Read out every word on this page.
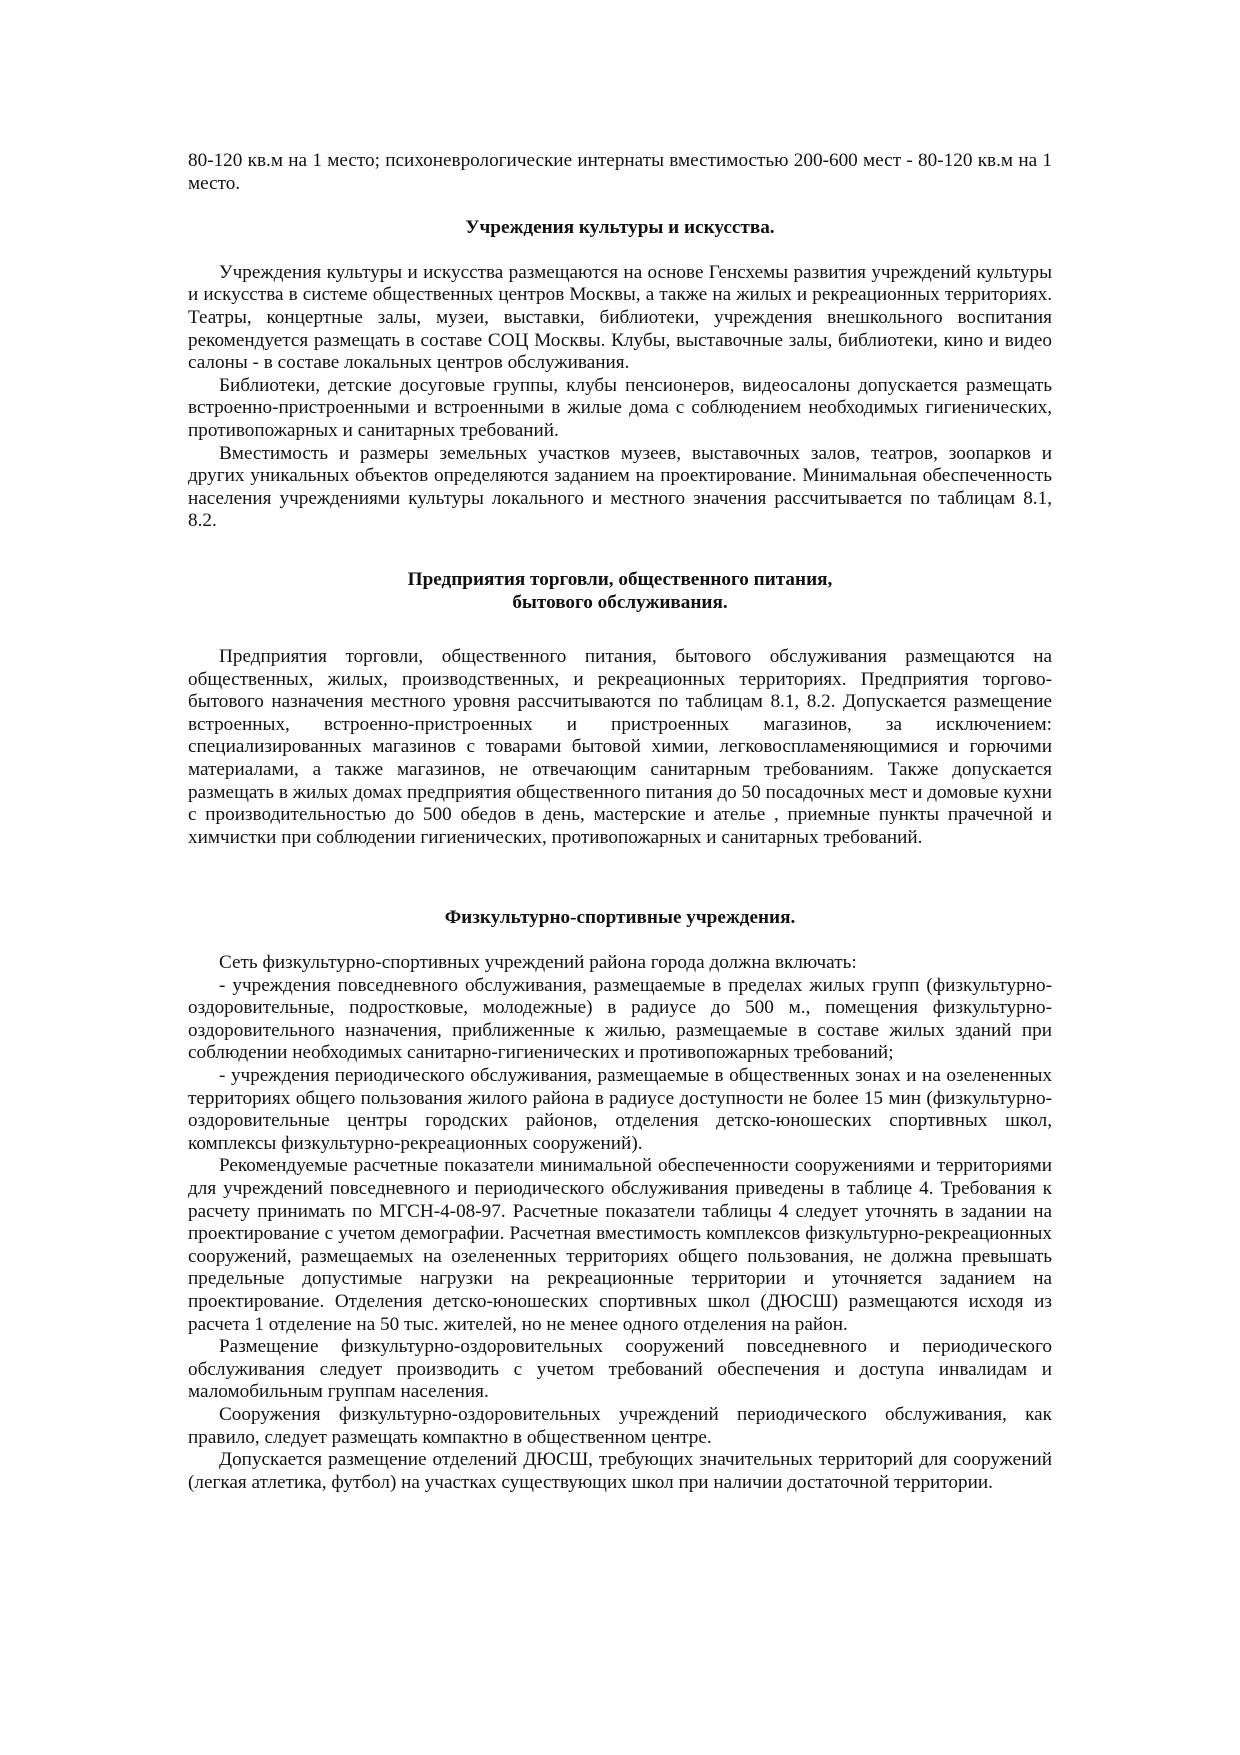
80-120 кв.м на 1 место; психоневрологические интернаты вместимостью 200-600 мест - 80-120 кв.м на 1 место.

Учреждения культуры и искусства.

Учреждения культуры и искусства размещаются на основе Генсхемы развития учреждений культуры и искусства в системе общественных центров Москвы, а также на жилых и рекреационных территориях. Театры, концертные залы, музеи, выставки, библиотеки, учреждения внешкольного воспитания рекомендуется размещать в составе СОЦ Москвы. Клубы, выставочные залы, библиотеки, кино и видео салоны - в составе локальных центров обслуживания.

Библиотеки, детские досуговые группы, клубы пенсионеров, видеосалоны допускается размещать встроенно-пристроенными и встроенными в жилые дома с соблюдением необходимых гигиенических, противопожарных и санитарных требований.

Вместимость и размеры земельных участков музеев, выставочных залов, театров, зоопарков и других уникальных объектов определяются заданием на проектирование. Минимальная обеспеченность населения учреждениями культуры локального и местного значения рассчитывается по таблицам 8.1, 8.2.

Предприятия торговли, общественного питания,
бытового обслуживания.

Предприятия торговли, общественного питания, бытового обслуживания размещаются на общественных, жилых, производственных, и рекреационных территориях. Предприятия торгово-бытового назначения местного уровня рассчитываются по таблицам 8.1, 8.2. Допускается размещение встроенных, встроенно-пристроенных и пристроенных магазинов, за исключением: специализированных магазинов с товарами бытовой химии, легковоспламеняющимися и горючими материалами, а также магазинов, не отвечающим санитарным требованиям. Также допускается размещать в жилых домах предприятия общественного питания до 50 посадочных мест и домовые кухни с производительностью до 500 обедов в день, мастерские и ателье , приемные пункты прачечной и химчистки при соблюдении гигиенических, противопожарных и санитарных требований.

Физкультурно-спортивные учреждения.

Сеть физкультурно-спортивных учреждений района города должна включать:

- учреждения повседневного обслуживания, размещаемые в пределах жилых групп (физкультурно-оздоровительные, подростковые, молодежные) в радиусе до 500 м., помещения физкультурно-оздоровительного назначения, приближенные к жилью, размещаемые в составе жилых зданий при соблюдении необходимых санитарно-гигиенических и противопожарных требований;

- учреждения периодического обслуживания, размещаемые в общественных зонах и на озелененных территориях общего пользования жилого района в радиусе доступности не более 15 мин (физкультурно-оздоровительные центры городских районов, отделения детско-юношеских спортивных школ, комплексы физкультурно-рекреационных сооружений).

Рекомендуемые расчетные показатели минимальной обеспеченности сооружениями и территориями для учреждений повседневного и периодического обслуживания приведены в таблице 4. Требования к расчету принимать по МГСН-4-08-97. Расчетные показатели таблицы 4 следует уточнять в задании на проектирование с учетом демографии. Расчетная вместимость комплексов физкультурно-рекреационных сооружений, размещаемых на озелененных территориях общего пользования, не должна превышать предельные допустимые нагрузки на рекреационные территории и уточняется заданием на проектирование. Отделения детско-юношеских спортивных школ (ДЮСШ) размещаются исходя из расчета 1 отделение на 50 тыс. жителей, но не менее одного отделения на район.

Размещение физкультурно-оздоровительных сооружений повседневного и периодического обслуживания следует производить с учетом требований обеспечения и доступа инвалидам и маломобильным группам населения.

Сооружения физкультурно-оздоровительных учреждений периодического обслуживания, как правило, следует размещать компактно в общественном центре.

Допускается размещение отделений ДЮСШ, требующих значительных территорий для сооружений (легкая атлетика, футбол) на участках существующих школ при наличии достаточной территории.
